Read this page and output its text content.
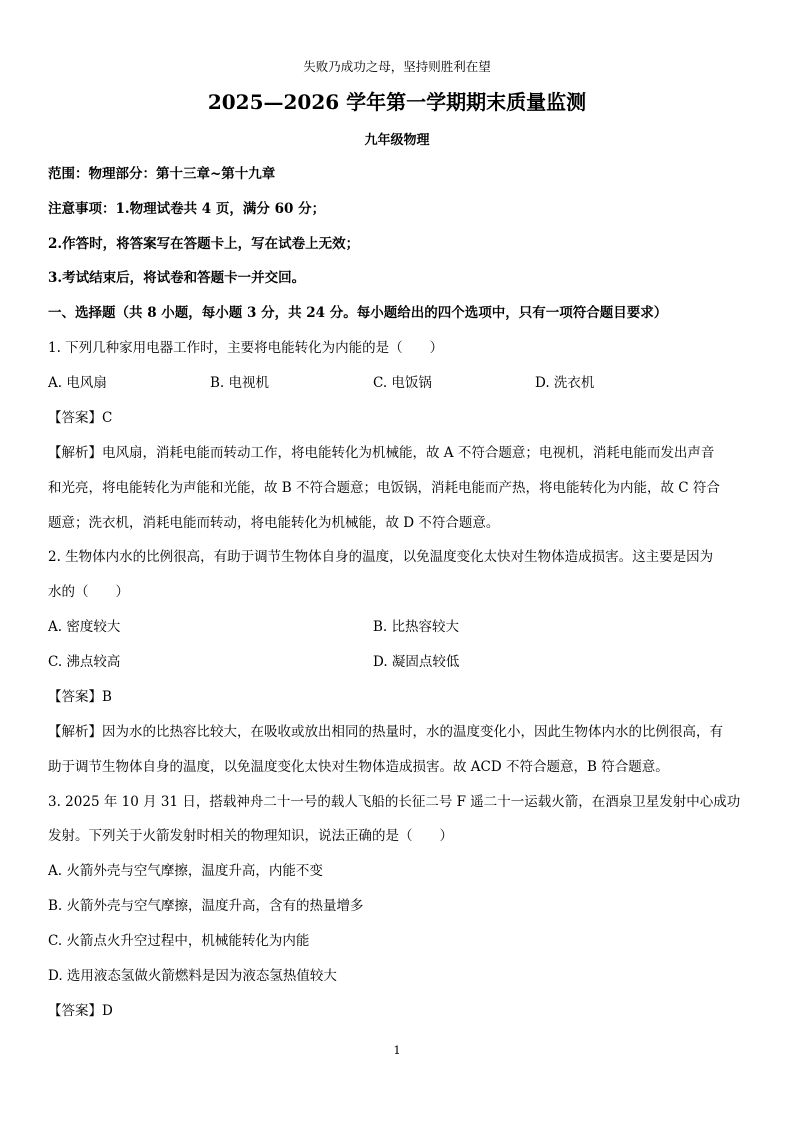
失败乃成功之母，坚持则胜利在望
2025—2026 学年第一学期期末质量监测
九年级物理
范围：物理部分：第十三章~第十九章
注意事项：1.物理试卷共 4 页，满分 60 分；
2.作答时，将答案写在答题卡上，写在试卷上无效；
3.考试结束后，将试卷和答题卡一并交回。
一、选择题（共 8 小题，每小题 3 分，共 24 分。每小题给出的四个选项中，只有一项符合题目要求）
1. 下列几种家用电器工作时，主要将电能转化为内能的是（　　）
A. 电风扇	B. 电视机	C. 电饭锅	D. 洗衣机
【答案】C
【解析】电风扇，消耗电能而转动工作，将电能转化为机械能，故 A 不符合题意；电视机，消耗电能而发出声音
和光亮，将电能转化为声能和光能，故 B 不符合题意；电饭锅，消耗电能而产热，将电能转化为内能，故 C 符合
题意；洗衣机，消耗电能而转动，将电能转化为机械能，故 D 不符合题意。
2. 生物体内水的比例很高，有助于调节生物体自身的温度，以免温度变化太快对生物体造成损害。这主要是因为
水的（　　）
A. 密度较大	B. 比热容较大
C. 沸点较高	D. 凝固点较低
【答案】B
【解析】因为水的比热容比较大，在吸收或放出相同的热量时，水的温度变化小，因此生物体内水的比例很高，有
助于调节生物体自身的温度，以免温度变化太快对生物体造成损害。故 ACD 不符合题意，B 符合题意。
3. 2025 年 10 月 31 日，搭载神舟二十一号的载人飞船的长征二号 F 遥二十一运载火箭，在酒泉卫星发射中心成功
发射。下列关于火箭发射时相关的物理知识，说法正确的是（　　）
A. 火箭外壳与空气摩擦，温度升高，内能不变
B. 火箭外壳与空气摩擦，温度升高，含有的热量增多
C. 火箭点火升空过程中，机械能转化为内能
D. 选用液态氢做火箭燃料是因为液态氢热值较大
【答案】D
1
